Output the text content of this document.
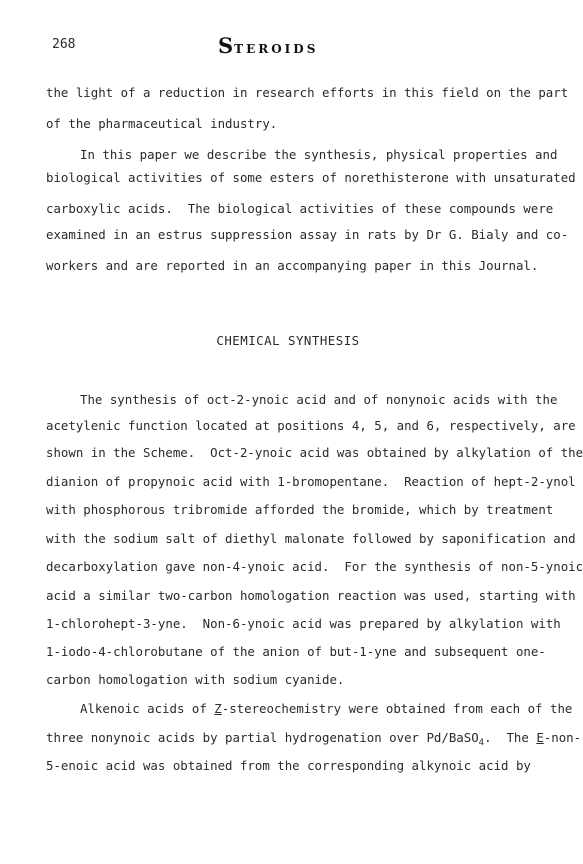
268	STEROIDS
the light of a reduction in research efforts in this field on the part
of the pharmaceutical industry.
In this paper we describe the synthesis, physical properties and
biological activities of some esters of norethisterone with unsaturated
carboxylic acids.  The biological activities of these compounds were
examined in an estrus suppression assay in rats by Dr G. Bialy and co-
workers and are reported in an accompanying paper in this Journal.
CHEMICAL SYNTHESIS
The synthesis of oct-2-ynoic acid and of nonynoic acids with the
acetylenic function located at positions 4, 5, and 6, respectively, are
shown in the Scheme.  Oct-2-ynoic acid was obtained by alkylation of the
dianion of propynoic acid with 1-bromopentane.  Reaction of hept-2-ynol
with phosphorous tribromide afforded the bromide, which by treatment
with the sodium salt of diethyl malonate followed by saponification and
decarboxylation gave non-4-ynoic acid.  For the synthesis of non-5-ynoic
acid a similar two-carbon homologation reaction was used, starting with
1-chlorohept-3-yne.  Non-6-ynoic acid was prepared by alkylation with
1-iodo-4-chlorobutane of the anion of but-1-yne and subsequent one-
carbon homologation with sodium cyanide.
Alkenoic acids of Z-stereochemistry were obtained from each of the
three nonynoic acids by partial hydrogenation over Pd/BaSO$_4$.  The E-non-
5-enoic acid was obtained from the corresponding alkynoic acid by
